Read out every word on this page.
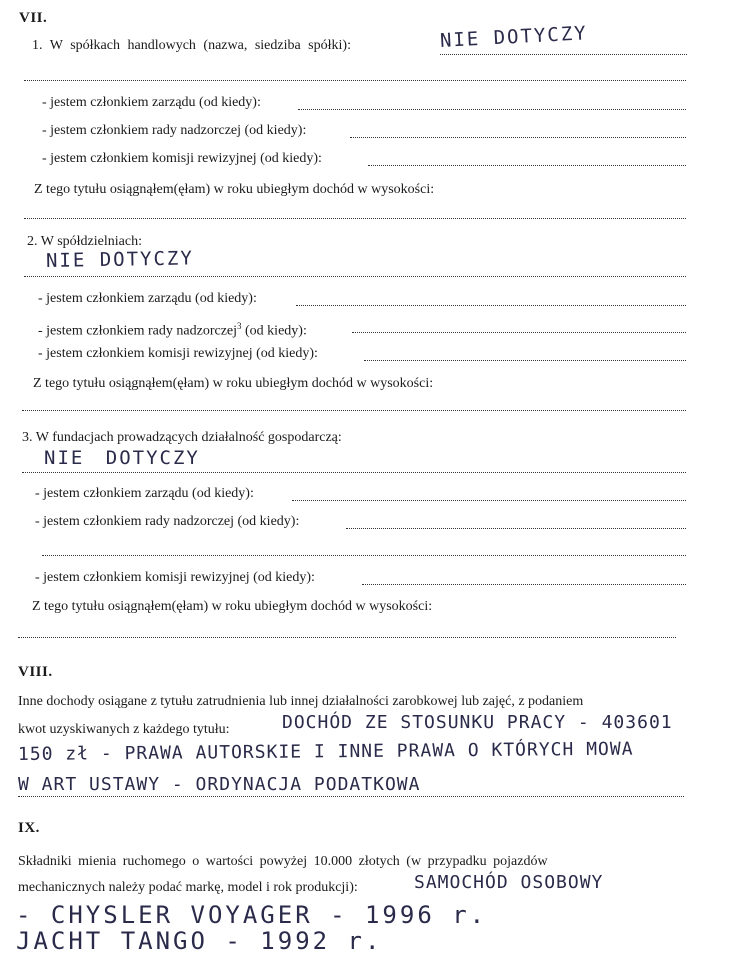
VII.
1. W spółkach handlowych (nazwa, siedziba spółki):	NIE DOTYCZY
- jestem członkiem zarządu (od kiedy):
- jestem członkiem rady nadzorczej (od kiedy):
- jestem członkiem komisji rewizyjnej (od kiedy):
Z tego tytułu osiągnąłem(ęłam) w roku ubiegłym dochód w wysokości:
2. W spółdzielniach:
NIE DOTYCZY
- jestem członkiem zarządu (od kiedy):
- jestem członkiem rady nadzorczej$^3$ (od kiedy):
- jestem członkiem komisji rewizyjnej (od kiedy):
Z tego tytułu osiągnąłem(ęłam) w roku ubiegłym dochód w wysokości:
3. W fundacjach prowadzących działalność gospodarczą:
NIE DOTYCZY
- jestem członkiem zarządu (od kiedy):
- jestem członkiem rady nadzorczej (od kiedy):
- jestem członkiem komisji rewizyjnej (od kiedy):
Z tego tytułu osiągnąłem(ęłam) w roku ubiegłym dochód w wysokości:
VIII.
Inne dochody osiągane z tytułu zatrudnienia lub innej działalności zarobkowej lub zajęć, z podaniem
kwot uzyskiwanych z każdego tytułu:	DOCHÓD ZE STOSUNKU PRACY - 403601
150 zł - PRAWA AUTORSKIE I INNE PRAWA O KTÓRYCH MOWA
W ART USTAWY - ORDYNACJA PODATKOWA
IX.
Składniki mienia ruchomego o wartości powyżej 10.000 złotych (w przypadku pojazdów
mechanicznych należy podać markę, model i rok produkcji):	SAMOCHÓD OSOBOWY
- CHYSLER VOYAGER - 1996 r.
JACHT TANGO - 1992 r.
